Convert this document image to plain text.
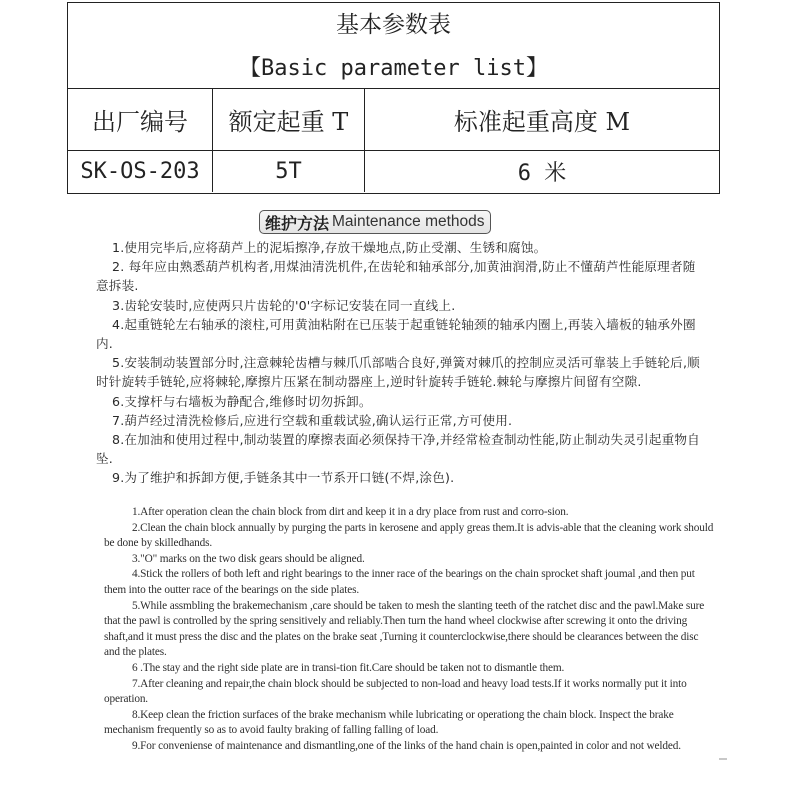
基本参数表
【Basic parameter list】
出厂编号	额定起重 T	标准起重高度 M
SK-OS-203	5T	6 米
维护方法 Maintenance methods

1.使用完毕后,应将葫芦上的泥垢擦净,存放干燥地点,防止受潮、生锈和腐蚀。

2. 每年应由熟悉葫芦机构者,用煤油清洗机件,在齿轮和轴承部分,加黄油润滑,防止不懂葫芦性能原理者随意拆装.

3.齿轮安装时,应使两只片齿轮的'0'字标记安装在同一直线上.

4.起重链轮左右轴承的滚柱,可用黄油粘附在已压装于起重链轮轴颈的轴承内圈上,再装入墙板的轴承外圈内.

5.安装制动装置部分时,注意棘轮齿槽与棘爪爪部啮合良好,弹簧对棘爪的控制应灵活可靠装上手链轮后,顺时针旋转手链轮,应将棘轮,摩擦片压紧在制动器座上,逆时针旋转手链轮.棘轮与摩擦片间留有空隙.

6.支撑杆与右墙板为静配合,维修时切勿拆卸。

7.葫芦经过清洗检修后,应进行空载和重载试验,确认运行正常,方可使用.

8.在加油和使用过程中,制动装置的摩擦表面必须保持干净,并经常检查制动性能,防止制动失灵引起重物自坠.

9.为了维护和拆卸方便,手链条其中一节系开口链(不焊,涂色).

1.After operation clean the chain block from dirt and keep it in a dry place from rust and corro-sion.

2.Clean the chain block annually by purging the parts in kerosene and apply greas them.It is advis-able that the cleaning work should be done by skilledhands.

3."O" marks on the two disk gears should be aligned.

4.Stick the rollers of both left and right bearings to the inner race of the bearings on the chain sprocket shaft joumal ,and then put them into the outter race of the bearings on the side plates.

5.While assmbling the brakemechanism ,care should be taken to mesh the slanting teeth of the ratchet disc and the pawl.Make sure that the pawl is controlled by the spring sensitively and reliably.Then turn the hand wheel clockwise after screwing it onto the driving shaft,and it must press the disc and the plates on the brake seat ,Turning it counterclockwise,there should be clearances between the disc and the plates.

6 .The stay and the right side plate are in transi-tion fit.Care should be taken not to dismantle them.

7.After cleaning and repair,the chain block should be subjected to non-load and heavy load tests.If it works normally put it into operation.

8.Keep clean the friction surfaces of the brake mechanism while lubricating or operationg the chain block. Inspect the brake mechanism frequently so as to avoid faulty braking of falling falling of load.

9.For conveniense of maintenance and dismantling,one of the links of the hand chain is open,painted in color and not welded.
